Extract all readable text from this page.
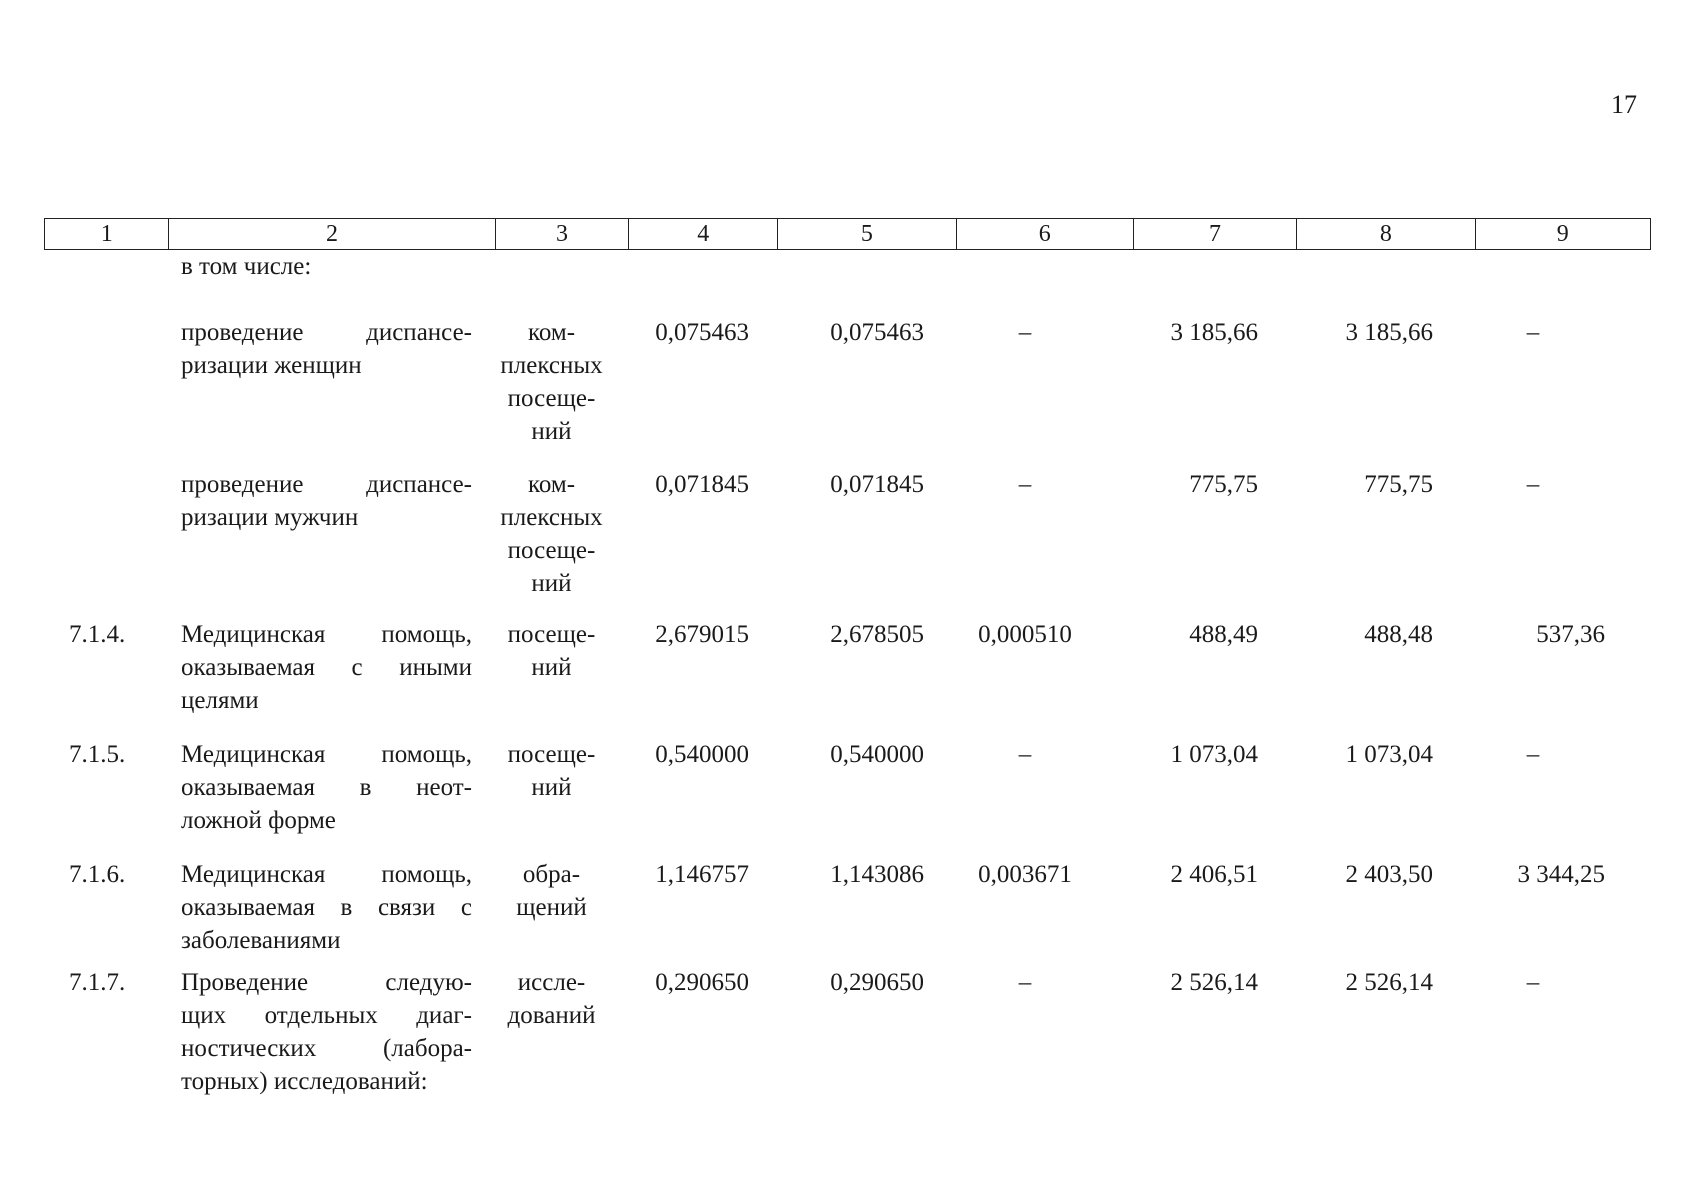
17
1	2	3	4	5	6	7	8	9
в том числе:
проведение диспансе-
ризации женщин
ком-
плексных
посеще-
ний
0,075463	0,075463	–	3 185,66	3 185,66	–
проведение диспансе-
ризации мужчин
ком-
плексных
посеще-
ний
0,071845	0,071845	–	775,75	775,75	–
7.1.4.	Медицинская помощь,
оказываемая с иными
целями
посеще-
ний
2,679015	2,678505	0,000510	488,49	488,48	537,36
7.1.5.	Медицинская помощь,
оказываемая в неот-
ложной форме
посеще-
ний
0,540000	0,540000	–	1 073,04	1 073,04	–
7.1.6.	Медицинская помощь,
оказываемая в связи с
заболеваниями
обра-
щений
1,146757	1,143086	0,003671	2 406,51	2 403,50	3 344,25
7.1.7.	Проведение следую-
щих отдельных диаг-
ностических (лабора-
торных) исследований:
иссле-
дований
0,290650	0,290650	–	2 526,14	2 526,14	–
